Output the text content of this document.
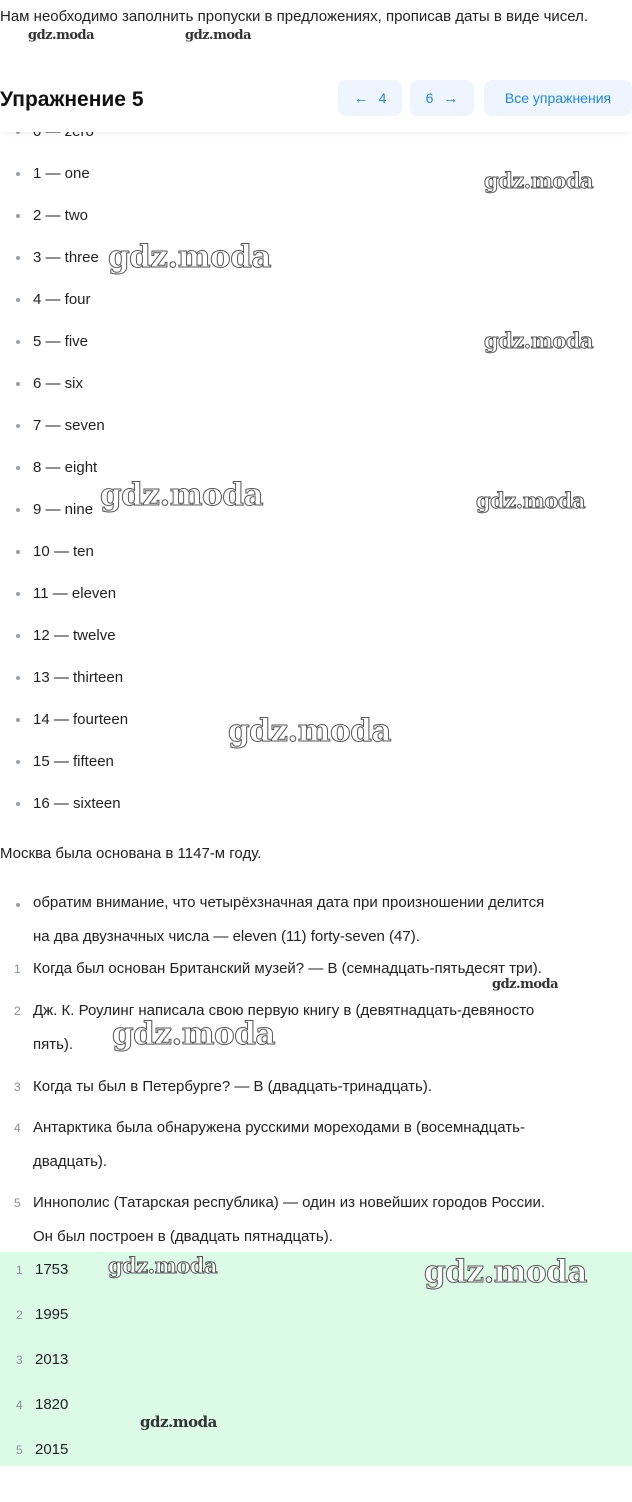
Нам необходимо заполнить пропуски в предложениях, прописав даты в виде чисел.
Упражнение 5	← 4	6 →	Все упражнения
1 — one
2 — two
3 — three
4 — four
5 — five
6 — six
7 — seven
8 — eight
9 — nine
10 — ten
11 — eleven
12 — twelve
13 — thirteen
14 — fourteen
15 — fifteen
16 — sixteen
Москва была основана в 1147-м году.
обратим внимание, что четырёхзначная дата при произношении делится
на два двузначных числа — eleven (11) forty-seven (47).
1 Когда был основан Британский музей? — В (семнадцать-пятьдесят три).
2 Дж. К. Роулинг написала свою первую книгу в (девятнадцать-девяносто
пять).
3 Когда ты был в Петербурге? — В (двадцать-тринадцать).
4 Антарктика была обнаружена русскими мореходами в (восемнадцать-
двадцать).
5 Иннополис (Татарская республика) — один из новейших городов России.
Он был построен в (двадцать пятнадцать).
1 1753
2 1995
3 2013
4 1820
5 2015
gdz.moda	gdz.moda
gdz.moda
gdz.moda
gdz.moda
gdz.moda	gdz.moda
gdz.moda
gdz.moda
gdz.moda
gdz.moda	gdz.moda
gdz.moda
